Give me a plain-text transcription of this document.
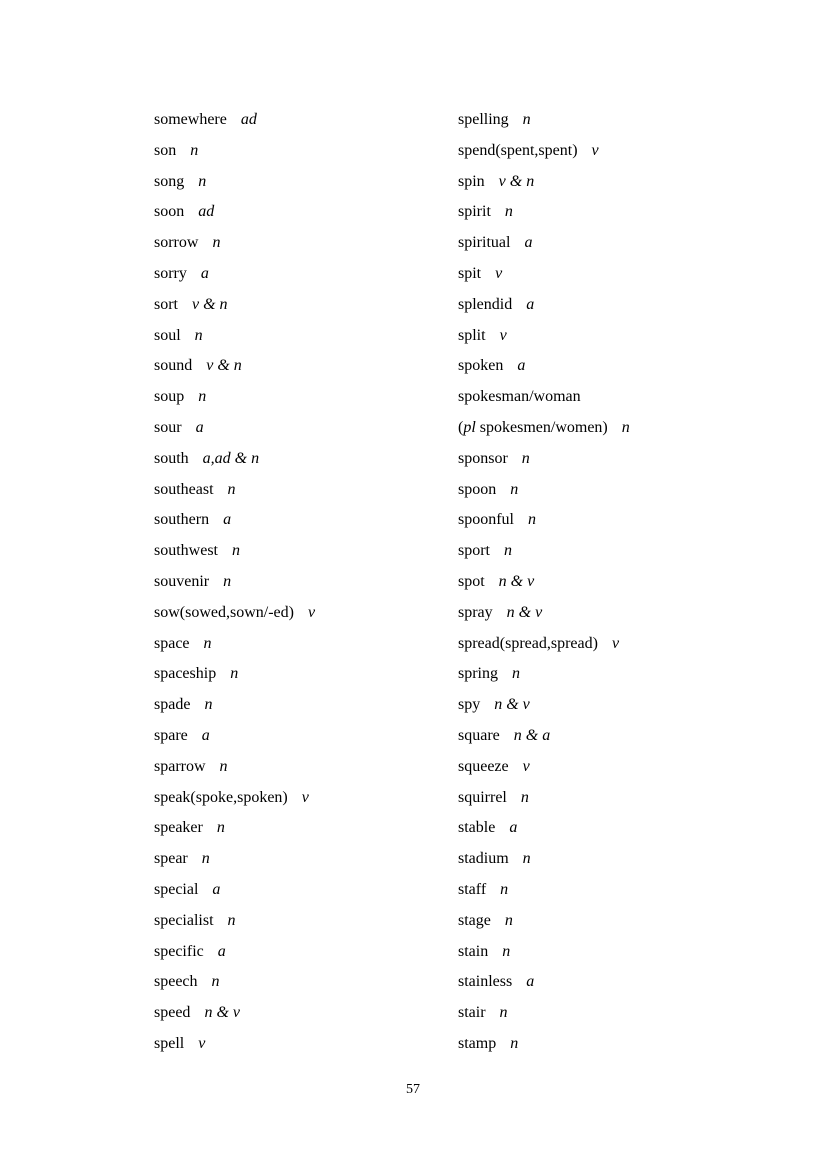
somewhere ad
son n
song n
soon ad
sorrow n
sorry a
sort v & n
soul n
sound v & n
soup n
sour a
south a,ad & n
southeast n
southern a
southwest n
souvenir n
sow(sowed,sown/-ed) v
space n
spaceship n
spade n
spare a
sparrow n
speak(spoke,spoken) v
speaker n
spear n
special a
specialist n
specific a
speech n
speed n & v
spell v
spelling n
spend(spent,spent) v
spin v & n
spirit n
spiritual a
spit v
splendid a
split v
spoken a
spokesman/woman
(pl spokesmen/women) n
sponsor n
spoon n
spoonful n
sport n
spot n & v
spray n & v
spread(spread,spread) v
spring n
spy n & v
square n & a
squeeze v
squirrel n
stable a
stadium n
staff n
stage n
stain n
stainless a
stair n
stamp n
57
